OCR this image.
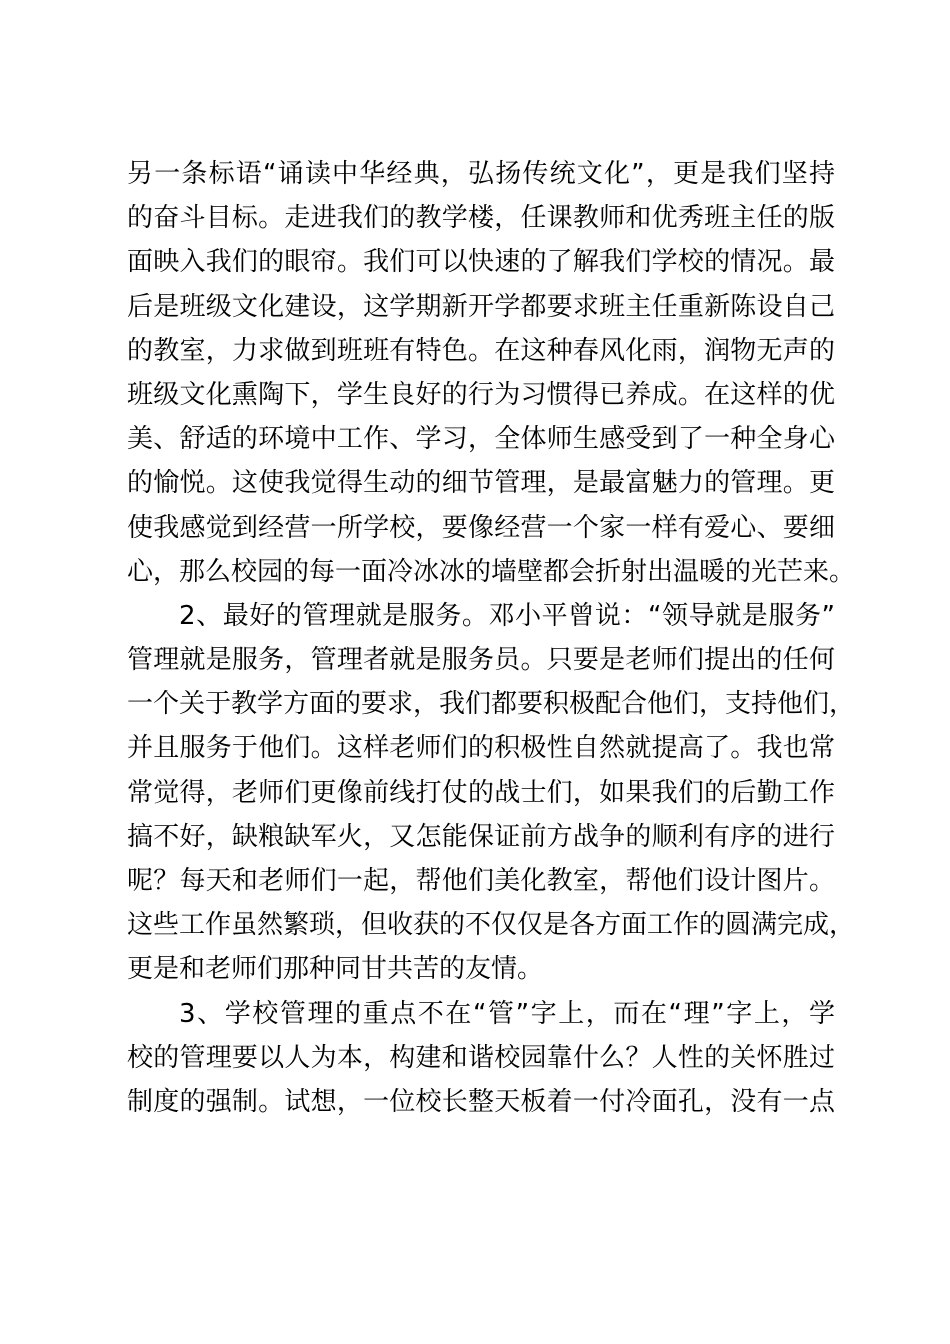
另一条标语“诵读中华经典，弘扬传统文化”，更是我们坚持
的奋斗目标。走进我们的教学楼，任课教师和优秀班主任的版
面映入我们的眼帘。我们可以快速的了解我们学校的情况。最
后是班级文化建设，这学期新开学都要求班主任重新陈设自己
的教室，力求做到班班有特色。在这种春风化雨，润物无声的
班级文化熏陶下，学生良好的行为习惯得已养成。在这样的优
美、舒适的环境中工作、学习，全体师生感受到了一种全身心
的愉悦。这使我觉得生动的细节管理，是最富魅力的管理。更
使我感觉到经营一所学校，要像经营一个家一样有爱心、要细
心，那么校园的每一面冷冰冰的墙壁都会折射出温暖的光芒来。
2、最好的管理就是服务。邓小平曾说：“领导就是服务”
管理就是服务，管理者就是服务员。只要是老师们提出的任何
一个关于教学方面的要求，我们都要积极配合他们，支持他们，
并且服务于他们。这样老师们的积极性自然就提高了。我也常
常觉得，老师们更像前线打仗的战士们，如果我们的后勤工作
搞不好，缺粮缺军火，又怎能保证前方战争的顺利有序的进行
呢？每天和老师们一起，帮他们美化教室，帮他们设计图片。
这些工作虽然繁琐，但收获的不仅仅是各方面工作的圆满完成，
更是和老师们那种同甘共苦的友情。
3、学校管理的重点不在“管”字上，而在“理”字上，学
校的管理要以人为本，构建和谐校园靠什么？人性的关怀胜过
制度的强制。试想，一位校长整天板着一付冷面孔，没有一点
